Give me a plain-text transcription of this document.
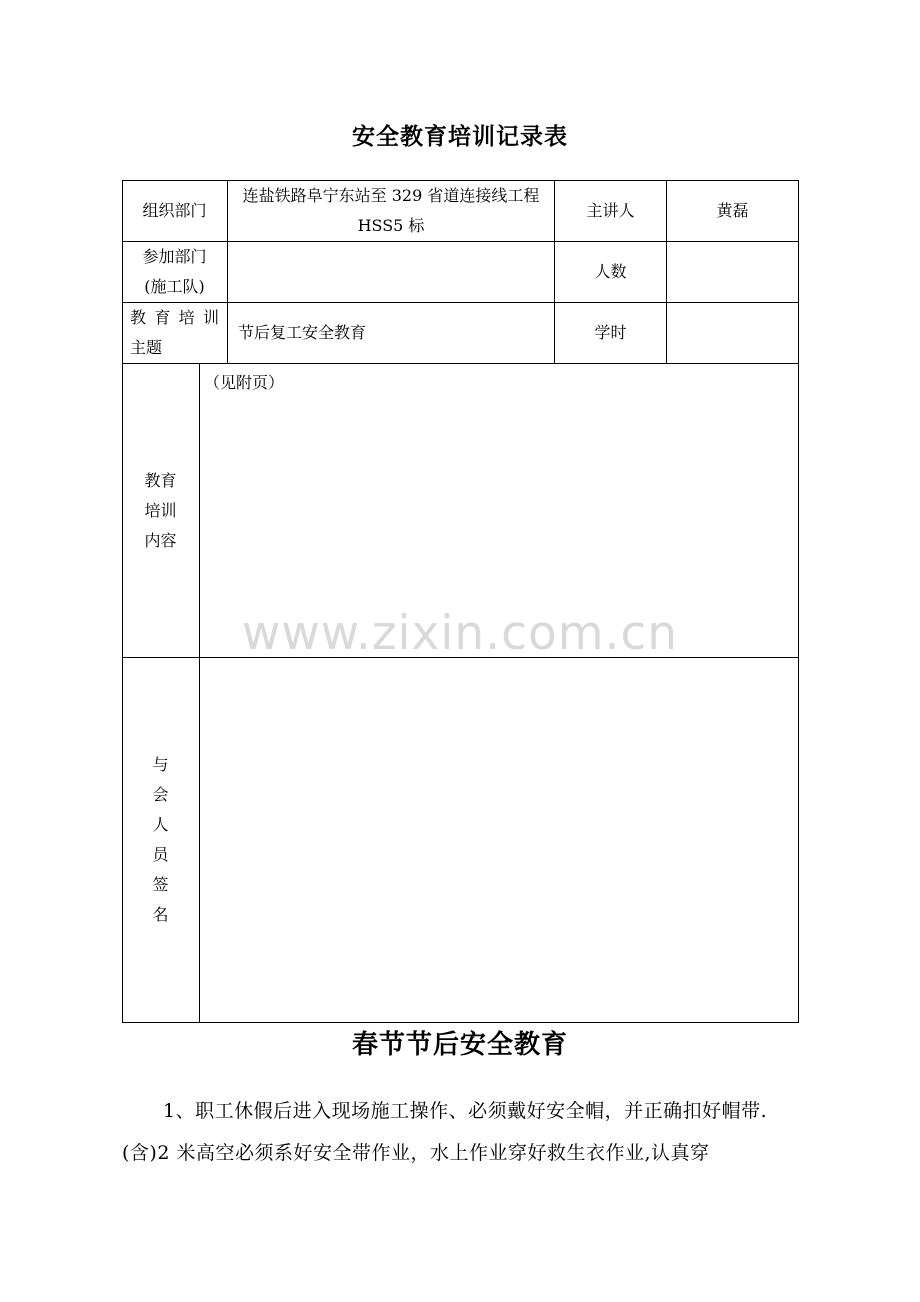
安全教育培训记录表
组织部门
连盐铁路阜宁东站至 329 省道连接线工程 HSS5 标
主讲人	黄磊
参加部门
(施工队)
人数
教 育 培 训
主题
节后复工安全教育	学时
教育
培训
内容
（见附页）
与
会
人
员
签
名
www.zixin.com.cn
春节节后安全教育
1、职工休假后进入现场施工操作、必须戴好安全帽，并正确扣好帽带.(含)2 米高空必须系好安全带作业，水上作业穿好救生衣作业,认真穿
